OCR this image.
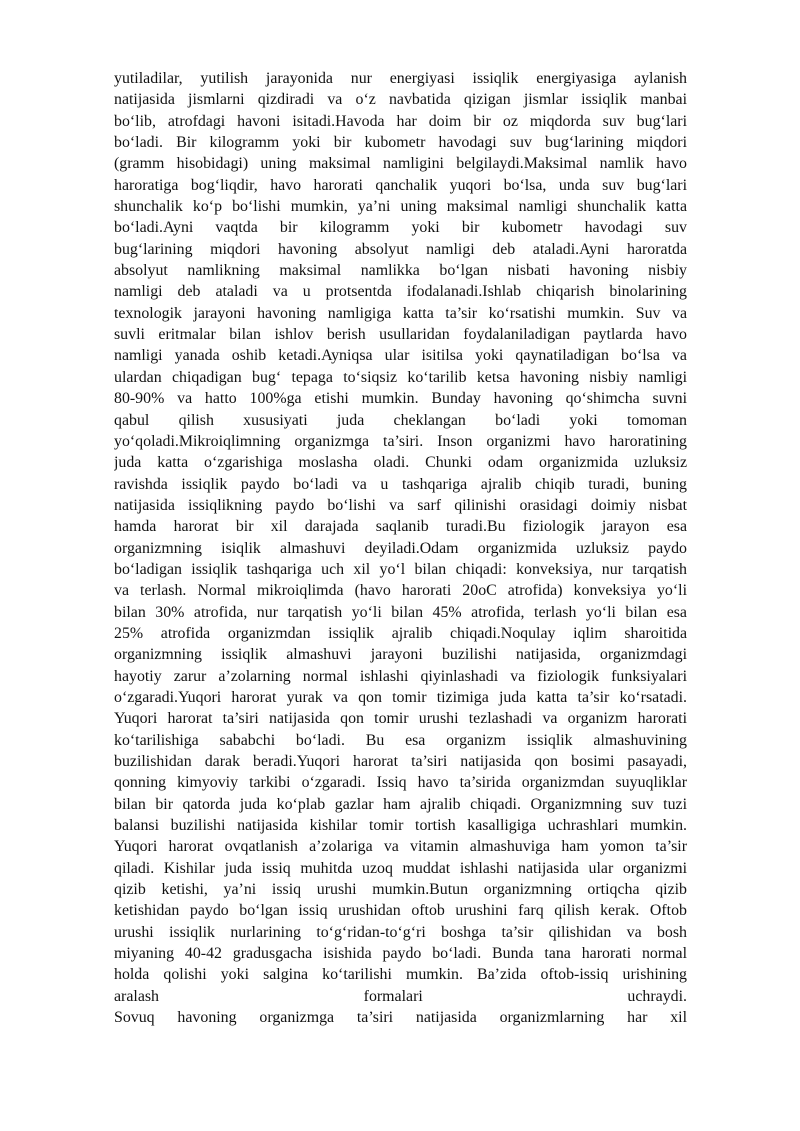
yutiladilar, yutilish jarayonida nur energiyasi issiqlik energiyasiga aylanish
natijasida jismlarni qizdiradi va o‘z navbatida qizigan jismlar issiqlik manbai
bo‘lib, atrofdagi havoni isitadi.Havoda har doim bir oz miqdorda suv bug‘lari
bo‘ladi. Bir kilogramm yoki bir kubometr havodagi suv bug‘larining miqdori
(gramm hisobidagi) uning maksimal namligini belgilaydi.Maksimal namlik havo
haroratiga bog‘liqdir, havo harorati qanchalik yuqori bo‘lsa, unda suv bug‘lari
shunchalik ko‘p bo‘lishi mumkin, ya’ni uning maksimal namligi shunchalik katta
bo‘ladi.Ayni vaqtda bir kilogramm yoki bir kubometr havodagi suv
bug‘larining miqdori havoning absolyut namligi deb ataladi.Ayni haroratda
absolyut namlikning maksimal namlikka bo‘lgan nisbati havoning nisbiy
namligi deb ataladi va u protsentda ifodalanadi.Ishlab chiqarish binolarining
texnologik jarayoni havoning namligiga katta ta’sir ko‘rsatishi mumkin. Suv va
suvli eritmalar bilan ishlov berish usullaridan foydalaniladigan paytlarda havo
namligi yanada oshib ketadi.Ayniqsa ular isitilsa yoki qaynatiladigan bo‘lsa va
ulardan chiqadigan bug‘ tepaga to‘siqsiz ko‘tarilib ketsa havoning nisbiy namligi
80-90% va hatto 100%ga etishi mumkin. Bunday havoning qo‘shimcha suvni
qabul qilish xususiyati juda cheklangan bo‘ladi yoki tomoman
yo‘qoladi.Mikroiqlimning organizmga ta’siri. Inson organizmi havo haroratining
juda katta o‘zgarishiga moslasha oladi. Chunki odam organizmida uzluksiz
ravishda issiqlik paydo bo‘ladi va u tashqariga ajralib chiqib turadi, buning
natijasida issiqlikning paydo bo‘lishi va sarf qilinishi orasidagi doimiy nisbat
hamda harorat bir xil darajada saqlanib turadi.Bu fiziologik jarayon esa
organizmning isiqlik almashuvi deyiladi.Odam organizmida uzluksiz paydo
bo‘ladigan issiqlik tashqariga uch xil yo‘l bilan chiqadi: konveksiya, nur tarqatish
va terlash. Normal mikroiqlimda (havo harorati 20oC atrofida) konveksiya yo‘li
bilan 30% atrofida, nur tarqatish yo‘li bilan 45% atrofida, terlash yo‘li bilan esa
25% atrofida organizmdan issiqlik ajralib chiqadi.Noqulay iqlim sharoitida
organizmning issiqlik almashuvi jarayoni buzilishi natijasida, organizmdagi
hayotiy zarur a’zolarning normal ishlashi qiyinlashadi va fiziologik funksiyalari
o‘zgaradi.Yuqori harorat yurak va qon tomir tizimiga juda katta ta’sir ko‘rsatadi.
Yuqori harorat ta’siri natijasida qon tomir urushi tezlashadi va organizm harorati
ko‘tarilishiga sababchi bo‘ladi. Bu esa organizm issiqlik almashuvining
buzilishidan darak beradi.Yuqori harorat ta’siri natijasida qon bosimi pasayadi,
qonning kimyoviy tarkibi o‘zgaradi. Issiq havo ta’sirida organizmdan suyuqliklar
bilan bir qatorda juda ko‘plab gazlar ham ajralib chiqadi. Organizmning suv tuzi
balansi buzilishi natijasida kishilar tomir tortish kasalligiga uchrashlari mumkin.
Yuqori harorat ovqatlanish a’zolariga va vitamin almashuviga ham yomon ta’sir
qiladi. Kishilar juda issiq muhitda uzoq muddat ishlashi natijasida ular organizmi
qizib ketishi, ya’ni issiq urushi mumkin.Butun organizmning ortiqcha qizib
ketishidan paydo bo‘lgan issiq urushidan oftob urushini farq qilish kerak. Oftob
urushi issiqlik nurlarining to‘g‘ridan-to‘g‘ri boshga ta’sir qilishidan va bosh
miyaning 40-42 gradusgacha isishida paydo bo‘ladi. Bunda tana harorati normal
holda qolishi yoki salgina ko‘tarilishi mumkin. Ba’zida oftob-issiq urishining
aralash formalari uchraydi.
Sovuq havoning organizmga ta’siri natijasida organizmlarning har xil
